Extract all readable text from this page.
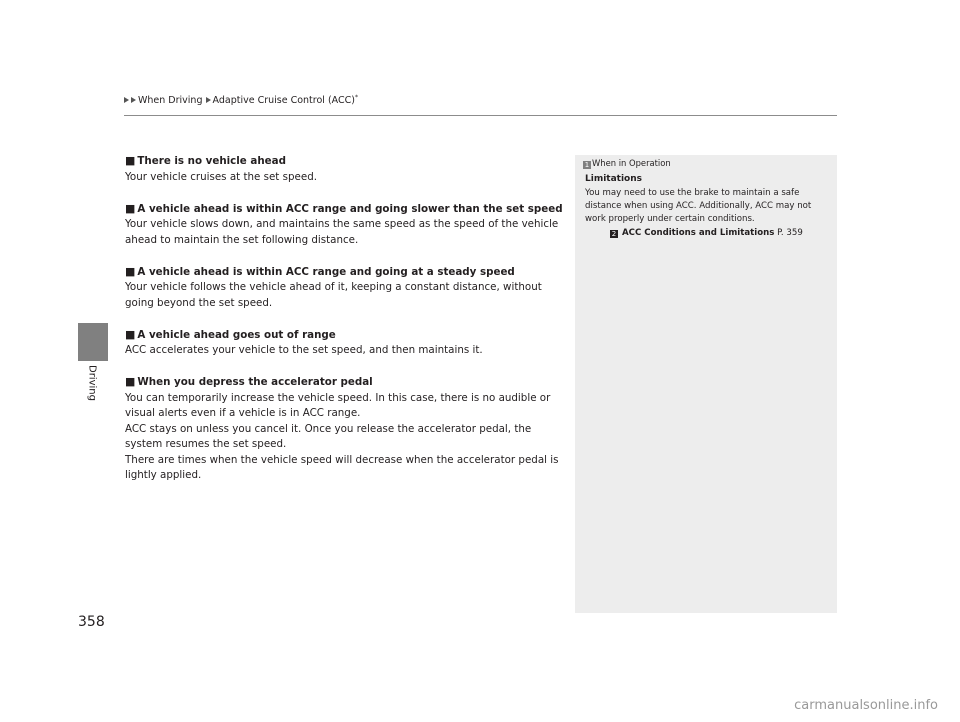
When Driving Adaptive Cruise Control (ACC)*
Driving

■ There is no vehicle ahead

Your vehicle cruises at the set speed.

■ A vehicle ahead is within ACC range and going slower than the set speed

Your vehicle slows down, and maintains the same speed as the speed of the vehicle ahead to maintain the set following distance.

■ A vehicle ahead is within ACC range and going at a steady speed

Your vehicle follows the vehicle ahead of it, keeping a constant distance, without going beyond the set speed.

■ A vehicle ahead goes out of range

ACC accelerates your vehicle to the set speed, and then maintains it.

■ When you depress the accelerator pedal

You can temporarily increase the vehicle speed. In this case, there is no audible or visual alerts even if a vehicle is in ACC range.

ACC stays on unless you cancel it. Once you release the accelerator pedal, the system resumes the set speed.

There are times when the vehicle speed will decrease when the accelerator pedal is lightly applied.

1 When in Operation
Limitations
You may need to use the brake to maintain a safe distance when using ACC. Additionally, ACC may not work properly under certain conditions.
2 ACC Conditions and Limitations P. 359
358
carmanualsonline.info
